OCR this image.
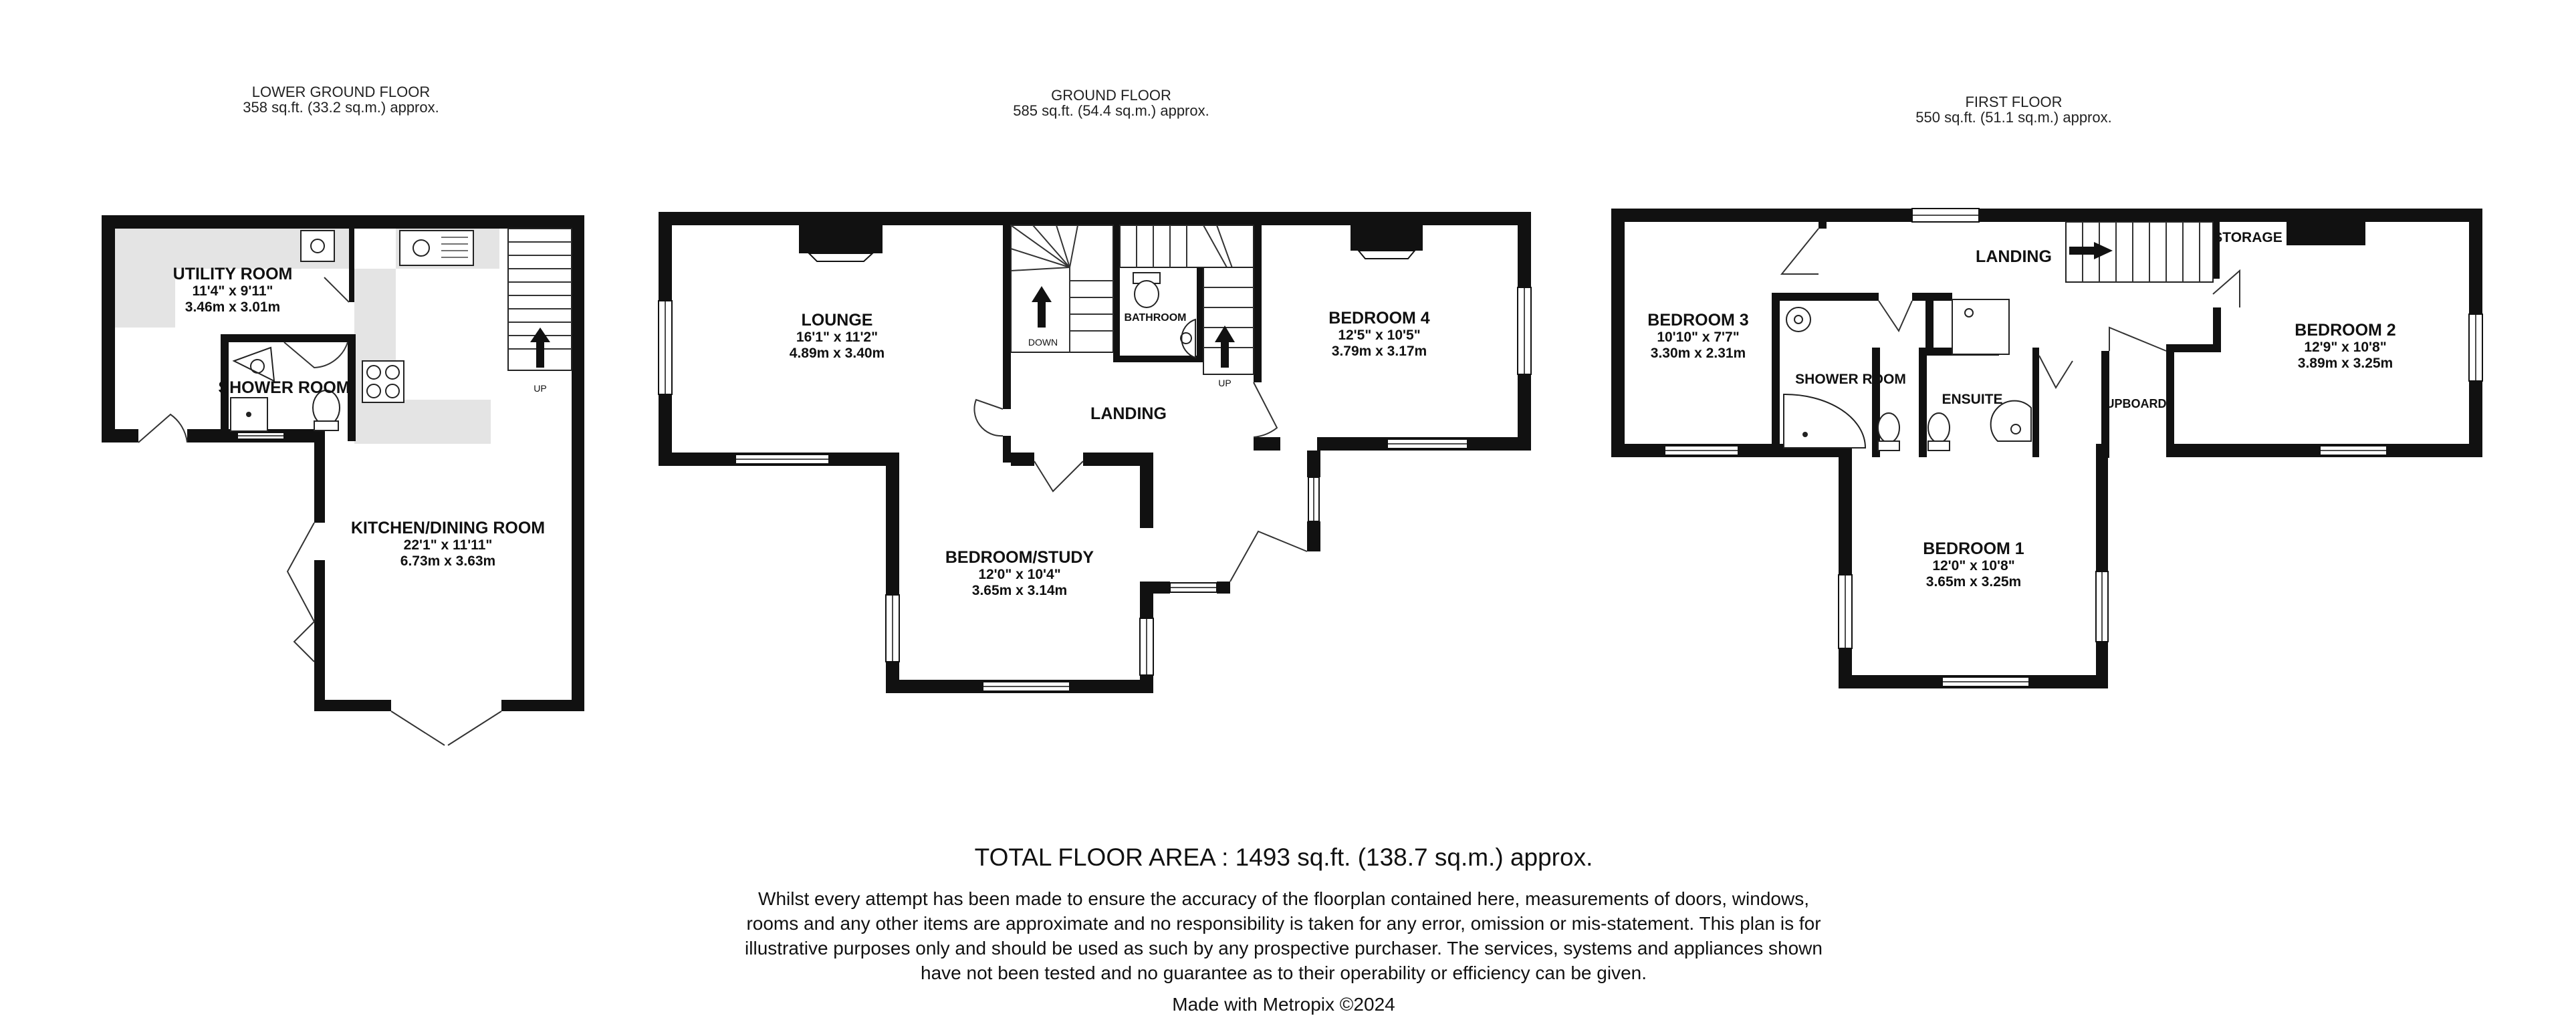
LOWER GROUND FLOOR
358 sq.ft. (33.2 sq.m.) approx.
GROUND FLOOR
585 sq.ft. (54.4 sq.m.) approx.
FIRST FLOOR
550 sq.ft. (51.1 sq.m.) approx.
UP
UTILITY ROOM
11'4" x 9'11"
3.46m x 3.01m
SHOWER ROOM
KITCHEN/DINING ROOM
22'1" x 11'11"
6.73m x 3.63m
DOWN
UP
LOUNGE
16'1" x 11'2"
4.89m x 3.40m
BATHROOM	BEDROOM 4
12'5" x 10'5"
3.79m x 3.17m
LANDING
BEDROOM/STUDY
12'0" x 10'4"
3.65m x 3.14m
BEDROOM 3
10'10" x 7'7"
3.30m x 2.31m
SHOWER ROOM
ENSUITE
LANDING
STORAGE
UPBOARD
BEDROOM 2
12'9" x 10'8"
3.89m x 3.25m
BEDROOM 1
12'0" x 10'8"
3.65m x 3.25m
TOTAL FLOOR AREA : 1493 sq.ft. (138.7 sq.m.) approx.
Whilst every attempt has been made to ensure the accuracy of the floorplan contained here, measurements of doors, windows, rooms and any other items are approximate and no responsibility is taken for any error, omission or mis-statement. This plan is for illustrative purposes only and should be used as such by any prospective purchaser. The services, systems and appliances shown have not been tested and no guarantee as to their operability or efficiency can be given.
Made with Metropix ©2024
